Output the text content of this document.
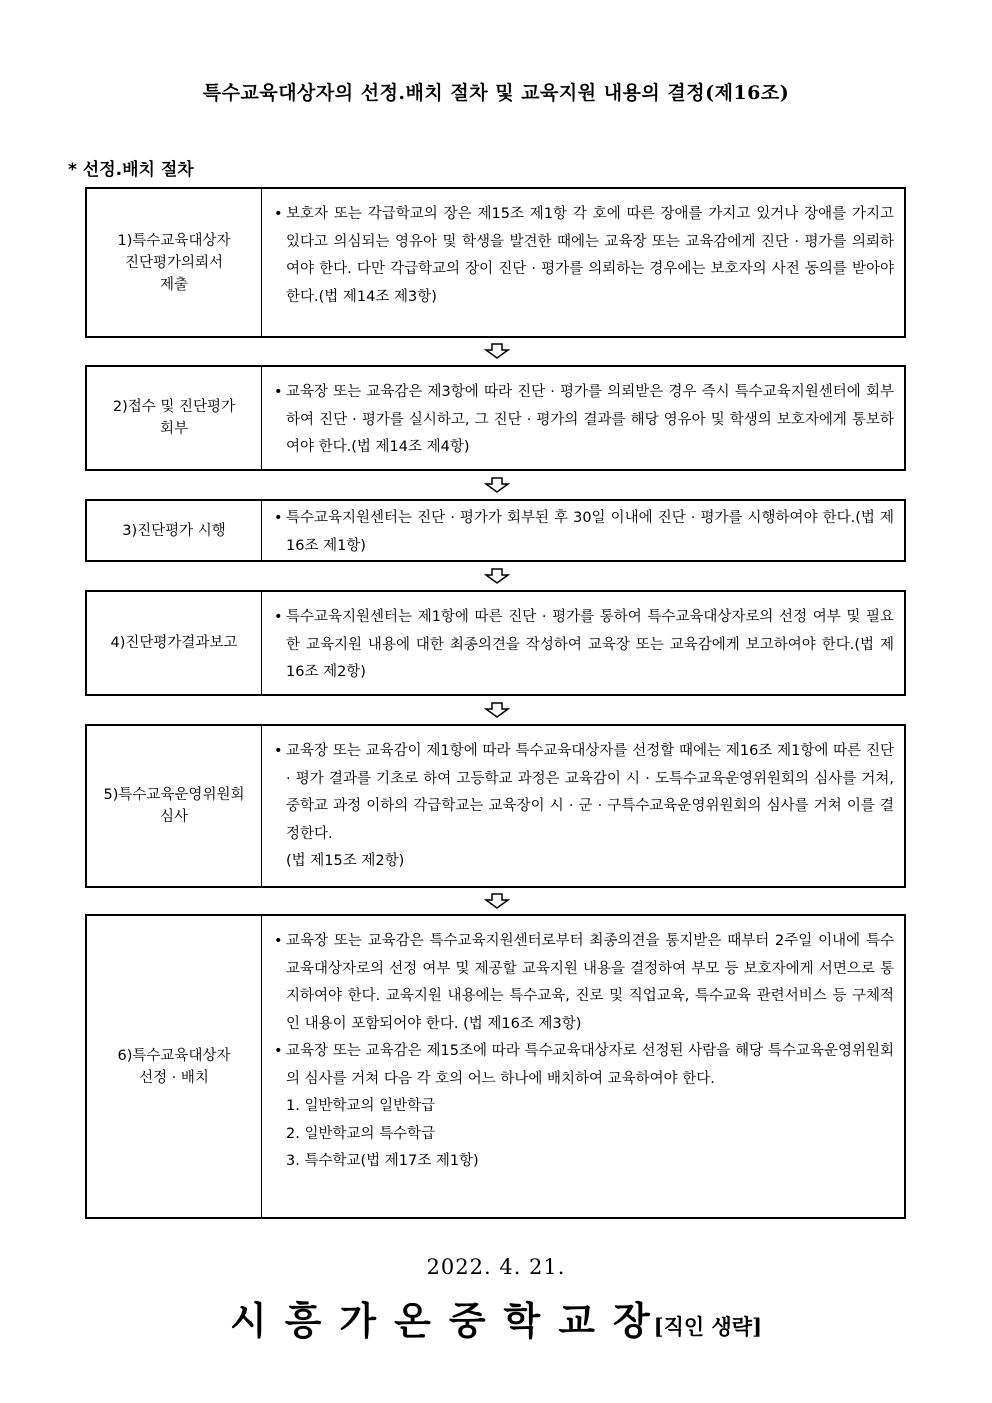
특수교육대상자의 선정.배치 절차 및 교육지원 내용의 결정(제16조)
* 선정.배치 절차
1)특수교육대상자
진단평가의뢰서
제출
• 보호자 또는 각급학교의 장은 제15조 제1항 각 호에 따른 장애를 가지고 있거나 장애를 가지고 있다고 의심되는 영유아 및 학생을 발견한 때에는 교육장 또는 교육감에게 진단 · 평가를 의뢰하여야 한다. 다만 각급학교의 장이 진단 · 평가를 의뢰하는 경우에는 보호자의 사전 동의를 받아야 한다.(법 제14조 제3항)
2)접수 및 진단평가
회부
• 교육장 또는 교육감은 제3항에 따라 진단 · 평가를 의뢰받은 경우 즉시 특수교육지원센터에 회부하여 진단 · 평가를 실시하고, 그 진단 · 평가의 결과를 해당 영유아 및 학생의 보호자에게 통보하여야 한다.(법 제14조 제4항)
3)진단평가 시행
• 특수교육지원센터는 진단 · 평가가 회부된 후 30일 이내에 진단 · 평가를 시행하여야 한다.(법 제16조 제1항)
4)진단평가결과보고
• 특수교육지원센터는 제1항에 따른 진단 · 평가를 통하여 특수교육대상자로의 선정 여부 및 필요한 교육지원 내용에 대한 최종의견을 작성하여 교육장 또는 교육감에게 보고하여야 한다.(법 제16조 제2항)
5)특수교육운영위원회
심사
• 교육장 또는 교육감이 제1항에 따라 특수교육대상자를 선정할 때에는 제16조 제1항에 따른 진단 · 평가 결과를 기초로 하여 고등학교 과정은 교육감이 시 · 도특수교육운영위원회의 심사를 거쳐, 중학교 과정 이하의 각급학교는 교육장이 시 · 군 · 구특수교육운영위원회의 심사를 거쳐 이를 결정한다.
(법 제15조 제2항)
6)특수교육대상자
선정 · 배치
• 교육장 또는 교육감은 특수교육지원센터로부터 최종의견을 통지받은 때부터 2주일 이내에 특수교육대상자로의 선정 여부 및 제공할 교육지원 내용을 결정하여 부모 등 보호자에게 서면으로 통지하여야 한다. 교육지원 내용에는 특수교육, 진로 및 직업교육, 특수교육 관련서비스 등 구체적인 내용이 포함되어야 한다. (법 제16조 제3항)
• 교육장 또는 교육감은 제15조에 따라 특수교육대상자로 선정된 사람을 해당 특수교육운영위원회의 심사를 거쳐 다음 각 호의 어느 하나에 배치하여 교육하여야 한다.
1. 일반학교의 일반학급
2. 일반학교의 특수학급
3. 특수학교(법 제17조 제1항)
2022. 4. 21.
시흥가온중학교장[직인 생략]
